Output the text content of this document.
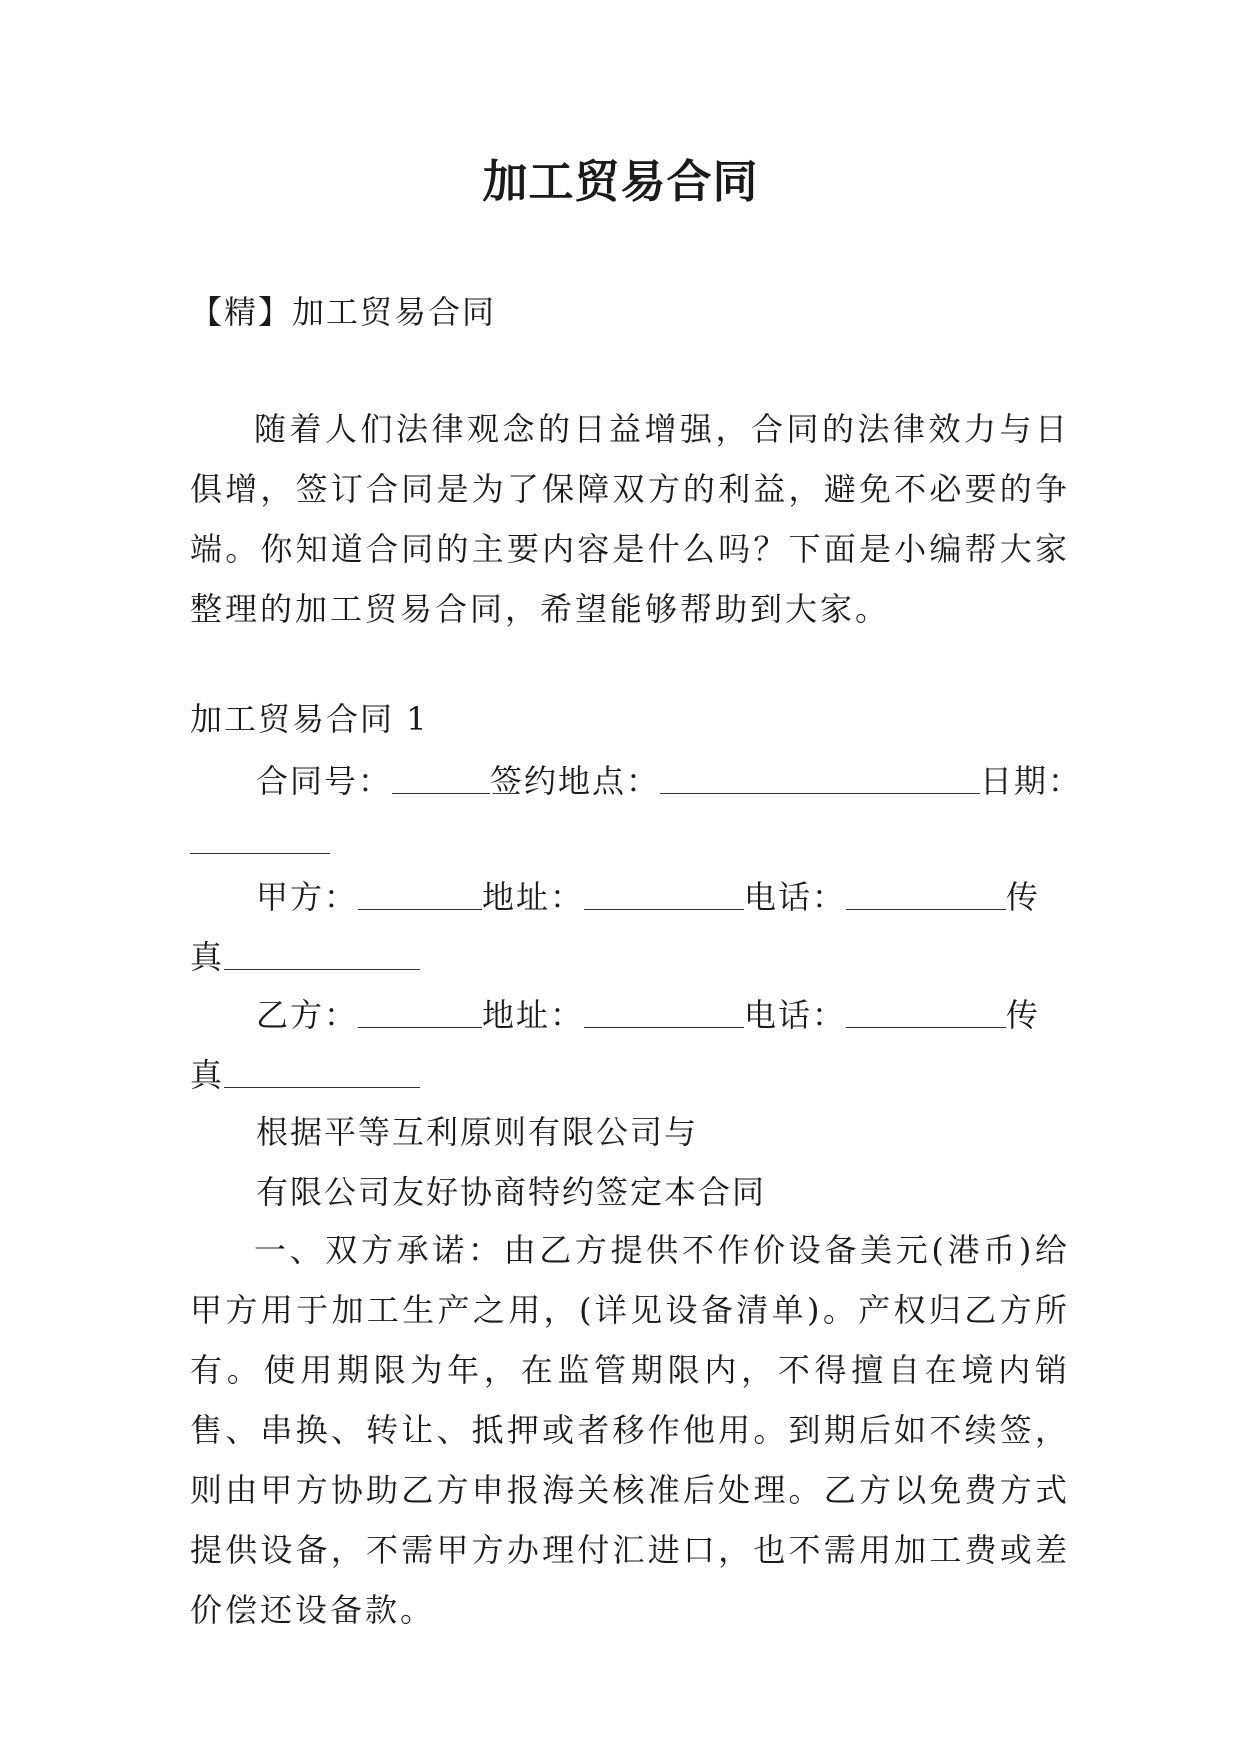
加工贸易合同
【精】加工贸易合同

随着人们法律观念的日益增强，合同的法律效力与日俱增，签订合同是为了保障双方的利益，避免不必要的争端。你知道合同的主要内容是什么吗？下面是小编帮大家整理的加工贸易合同，希望能够帮助到大家。

加工贸易合同 1
合同号：	签约地点：	日期：
甲方：	地址：	电话：	传
真
乙方：	地址：	电话：	传
真
根据平等互利原则有限公司与
有限公司友好协商特约签定本合同

一、双方承诺：由乙方提供不作价设备美元(港币)给甲方用于加工生产之用，(详见设备清单)。产权归乙方所有。使用期限为年，在监管期限内，不得擅自在境内销售、串换、转让、抵押或者移作他用。到期后如不续签，则由甲方协助乙方申报海关核准后处理。乙方以免费方式提供设备，不需甲方办理付汇进口，也不需用加工费或差价偿还设备款。
